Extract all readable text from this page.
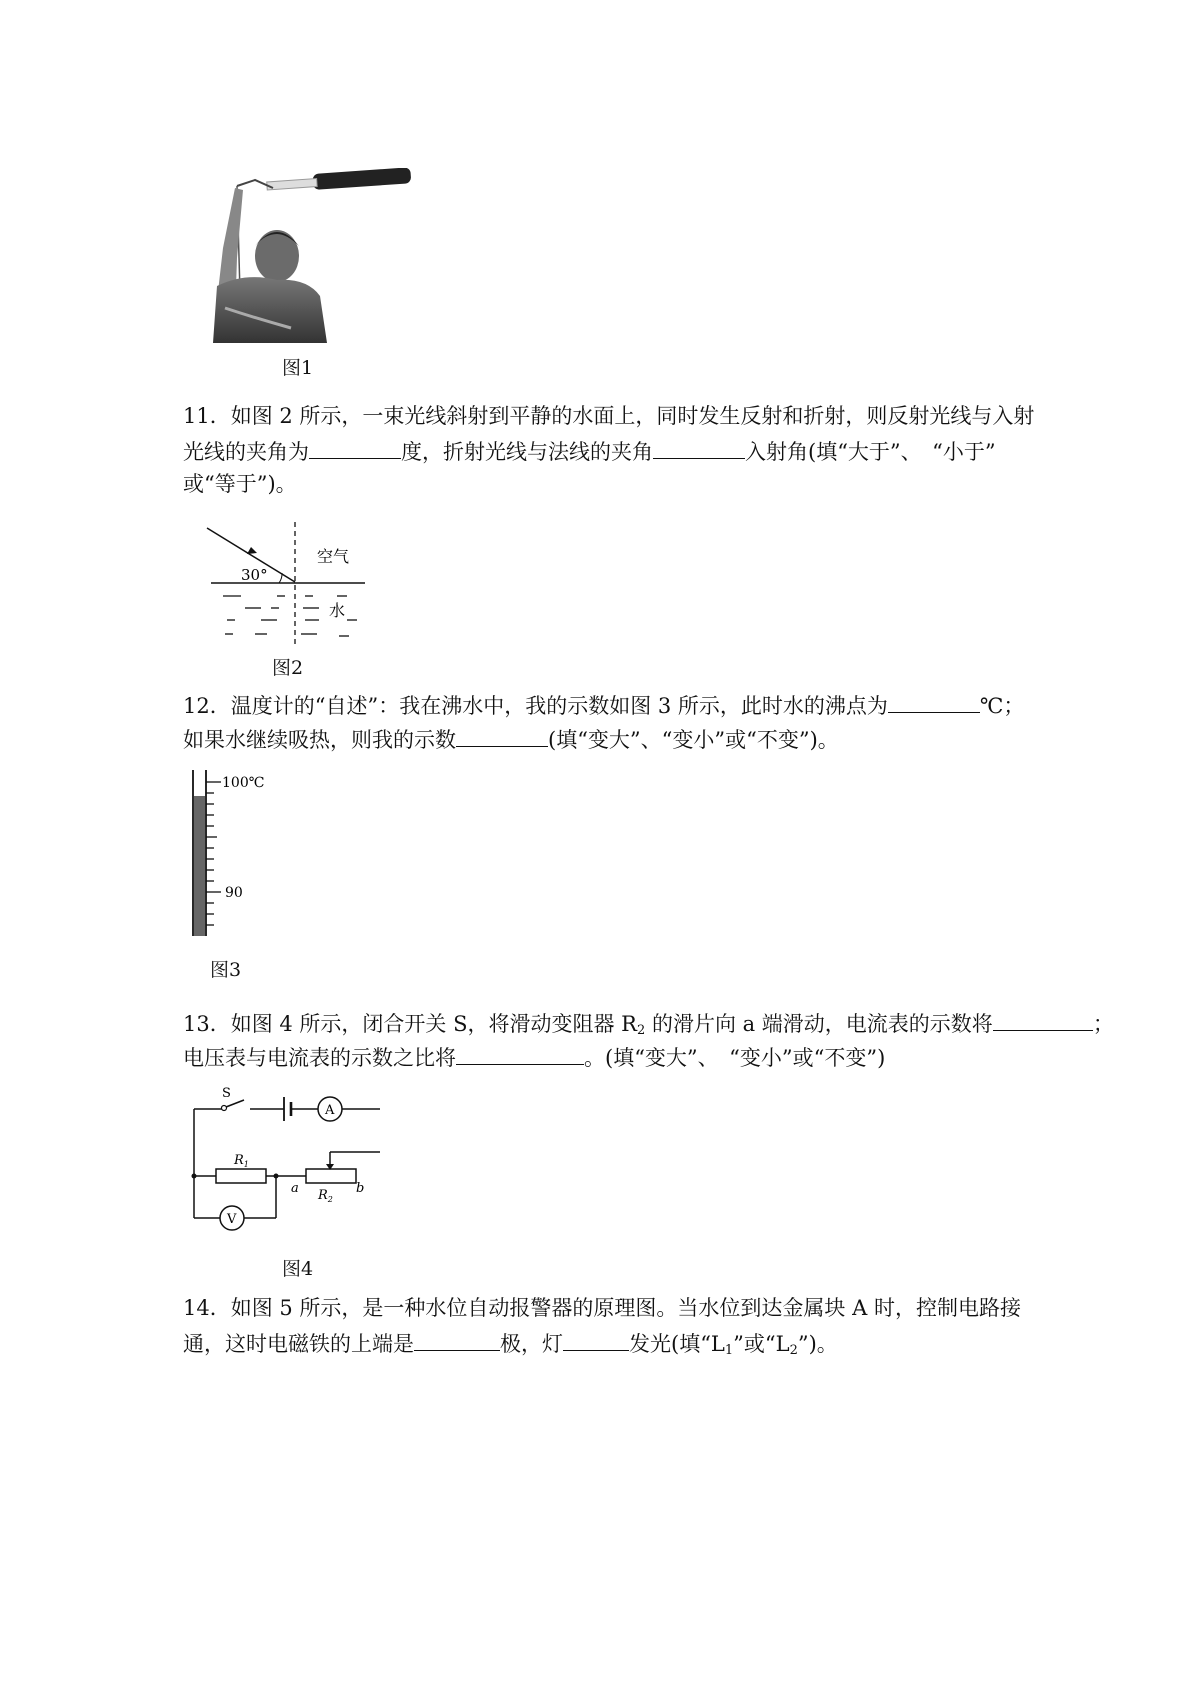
图1
11．如图 2 所示，一束光线斜射到平静的水面上，同时发生反射和折射，则反射光线与入射
光线的夹角为	度，折射光线与法线的夹角	入射角(填“大于”、　“小于”
或“等于”)。
30°
空气
水
图2
12．温度计的“自述”：我在沸水中，我的示数如图 3 所示，此时水的沸点为	℃；
如果水继续吸热，则我的示数	(填“变大”、“变小”或“不变”)。
100℃
90
图3
13．如图 4 所示，闭合开关 S，将滑动变阻器 $R_2$ 的滑片向 a 端滑动，电流表的示数将	；
电压表与电流表的示数之比将	。(填“变大”、　“变小”或“不变”)
S
A
V
$R_1$
$R_2$
a	b
图4
14．如图 5 所示，是一种水位自动报警器的原理图。当水位到达金属块 A 时，控制电路接
通，这时电磁铁的上端是	极，灯	发光(填“$L_1$”或“$L_2$”)。
